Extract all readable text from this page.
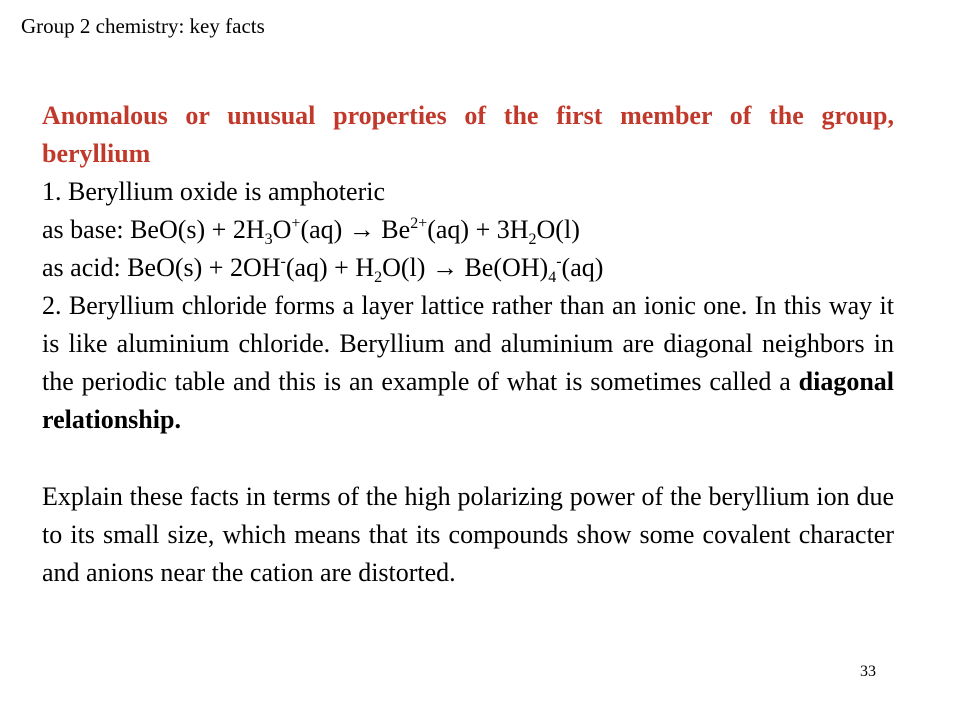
Group 2 chemistry: key facts
Anomalous or unusual properties of the first member of the group, beryllium
1. Beryllium oxide is amphoteric
as base: $BeO(s) + 2H_3O^+(aq) \to Be^{2+}(aq) + 3H_2O(l)$
as acid: $BeO(s) + 2OH^-(aq) + H_2O(l) \to Be(OH)_4^-(aq)$
2. Beryllium chloride forms a layer lattice rather than an ionic one. In this way it is like aluminium chloride. Beryllium and aluminium are diagonal neighbors in the periodic table and this is an example of what is sometimes called a diagonal relationship.
Explain these facts in terms of the high polarizing power of the beryllium ion due to its small size, which means that its compounds show some covalent character and anions near the cation are distorted.
33
